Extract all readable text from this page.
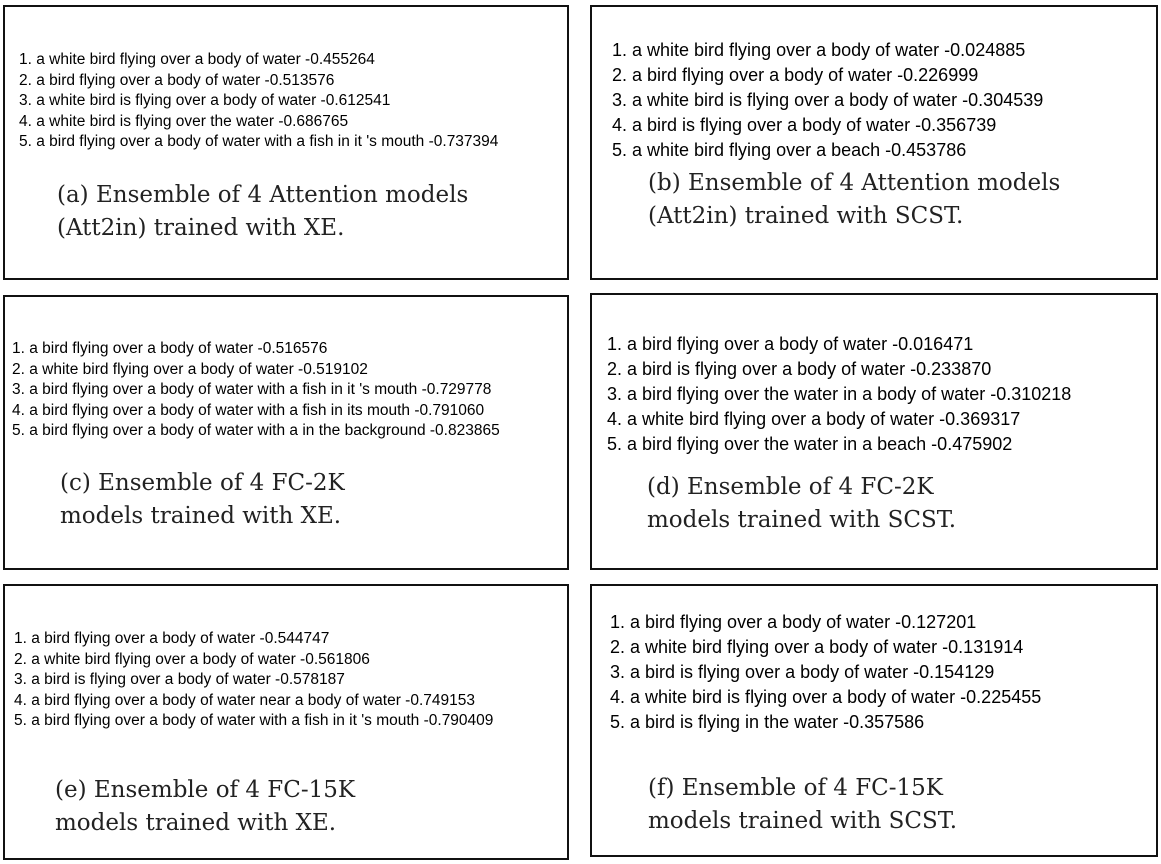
1. a white bird flying over a body of water -0.455264
2. a bird flying over a body of water -0.513576
3. a white bird is flying over a body of water -0.612541
4. a white bird is flying over the water -0.686765
5. a bird flying over a body of water with a fish in it 's mouth -0.737394
(a) Ensemble of 4 Attention models
(Att2in) trained with XE.
1. a white bird flying over a body of water -0.024885
2. a bird flying over a body of water -0.226999
3. a white bird is flying over a body of water -0.304539
4. a bird is flying over a body of water -0.356739
5. a white bird flying over a beach -0.453786
(b) Ensemble of 4 Attention models
(Att2in) trained with SCST.
1. a bird flying over a body of water -0.516576
2. a white bird flying over a body of water -0.519102
3. a bird flying over a body of water with a fish in it 's mouth -0.729778
4. a bird flying over a body of water with a fish in its mouth -0.791060
5. a bird flying over a body of water with a in the background -0.823865
(c) Ensemble of 4 FC-2K
models trained with XE.
1. a bird flying over a body of water -0.016471
2. a bird is flying over a body of water -0.233870
3. a bird flying over the water in a body of water -0.310218
4. a white bird flying over a body of water -0.369317
5. a bird flying over the water in a beach -0.475902
(d) Ensemble of 4 FC-2K
models trained with SCST.
1. a bird flying over a body of water -0.544747
2. a white bird flying over a body of water -0.561806
3. a bird is flying over a body of water -0.578187
4. a bird flying over a body of water near a body of water -0.749153
5. a bird flying over a body of water with a fish in it 's mouth -0.790409
(e) Ensemble of 4 FC-15K
models trained with XE.
1. a bird flying over a body of water -0.127201
2. a white bird flying over a body of water -0.131914
3. a bird is flying over a body of water -0.154129
4. a white bird is flying over a body of water -0.225455
5. a bird is flying in the water -0.357586
(f) Ensemble of 4 FC-15K
models trained with SCST.
